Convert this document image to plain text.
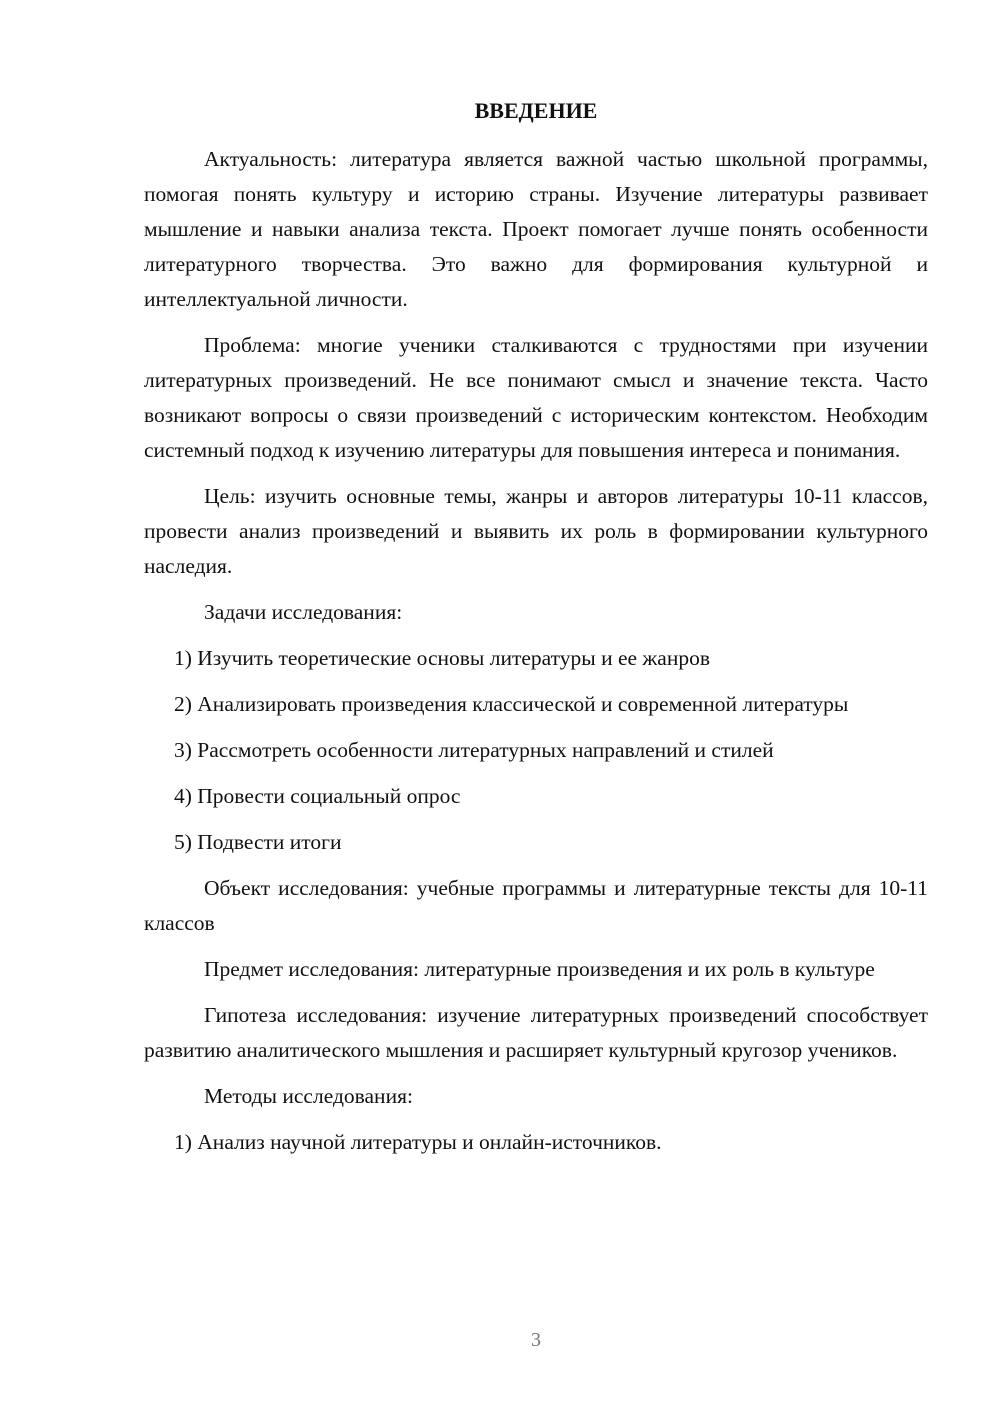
ВВЕДЕНИЕ

Актуальность: литература является важной частью школьной программы, помогая понять культуру и историю страны. Изучение литературы развивает мышление и навыки анализа текста. Проект помогает лучше понять особенности литературного творчества. Это важно для формирования культурной и интеллектуальной личности.

Проблема: многие ученики сталкиваются с трудностями при изучении литературных произведений. Не все понимают смысл и значение текста. Часто возникают вопросы о связи произведений с историческим контекстом. Необходим системный подход к изучению литературы для повышения интереса и понимания.

Цель: изучить основные темы, жанры и авторов литературы 10-11 классов, провести анализ произведений и выявить их роль в формировании культурного наследия.

Задачи исследования:

1) Изучить теоретические основы литературы и ее жанров

2) Анализировать произведения классической и современной литературы

3) Рассмотреть особенности литературных направлений и стилей

4) Провести социальный опрос

5) Подвести итоги

Объект исследования: учебные программы и литературные тексты для 10-11 классов

Предмет исследования: литературные произведения и их роль в культуре

Гипотеза исследования: изучение литературных произведений способствует развитию аналитического мышления и расширяет культурный кругозор учеников.

Методы исследования:

1) Анализ научной литературы и онлайн-источников.

3
